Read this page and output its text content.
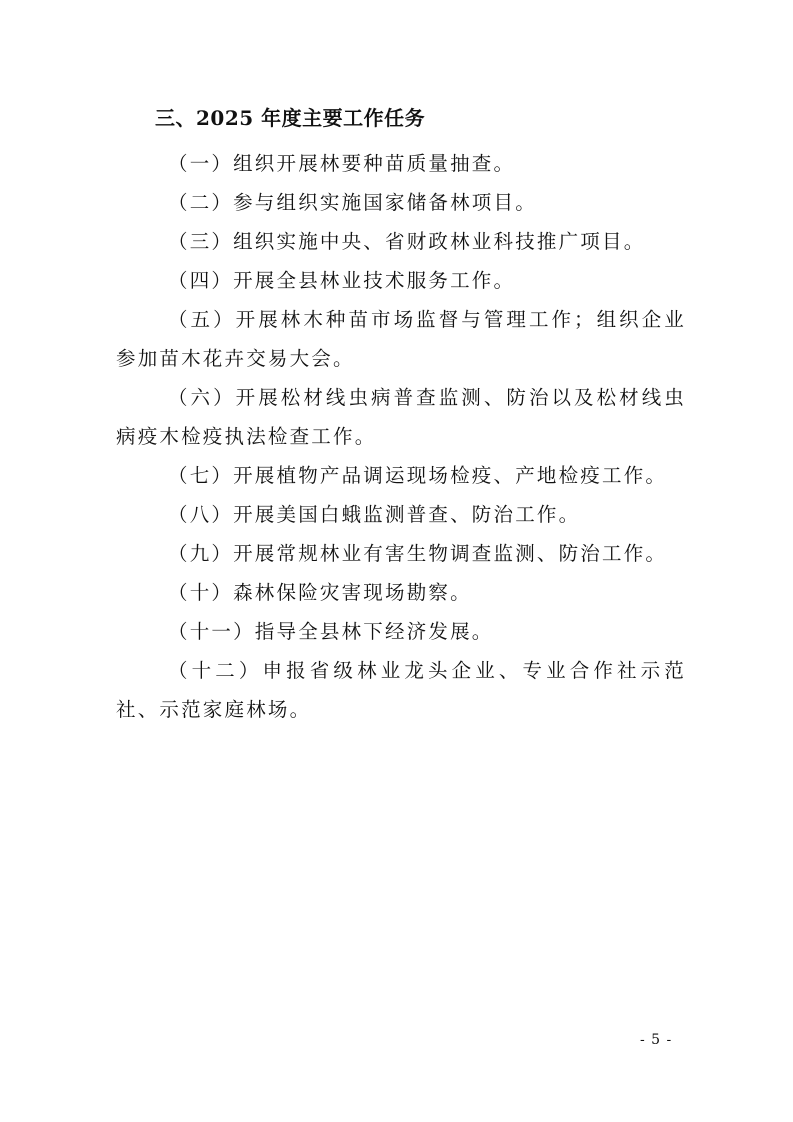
三、2025 年度主要工作任务

（一）组织开展林要种苗质量抽查。

（二）参与组织实施国家储备林项目。

（三）组织实施中央、省财政林业科技推广项目。

（四）开展全县林业技术服务工作。

（五）开展林木种苗市场监督与管理工作；组织企业参加苗木花卉交易大会。

（六）开展松材线虫病普查监测、防治以及松材线虫病疫木检疫执法检查工作。

（七）开展植物产品调运现场检疫、产地检疫工作。

（八）开展美国白蛾监测普查、防治工作。

（九）开展常规林业有害生物调查监测、防治工作。

（十）森林保险灾害现场勘察。

（十一）指导全县林下经济发展。

（十二）申报省级林业龙头企业、专业合作社示范社、示范家庭林场。

- 5 -
